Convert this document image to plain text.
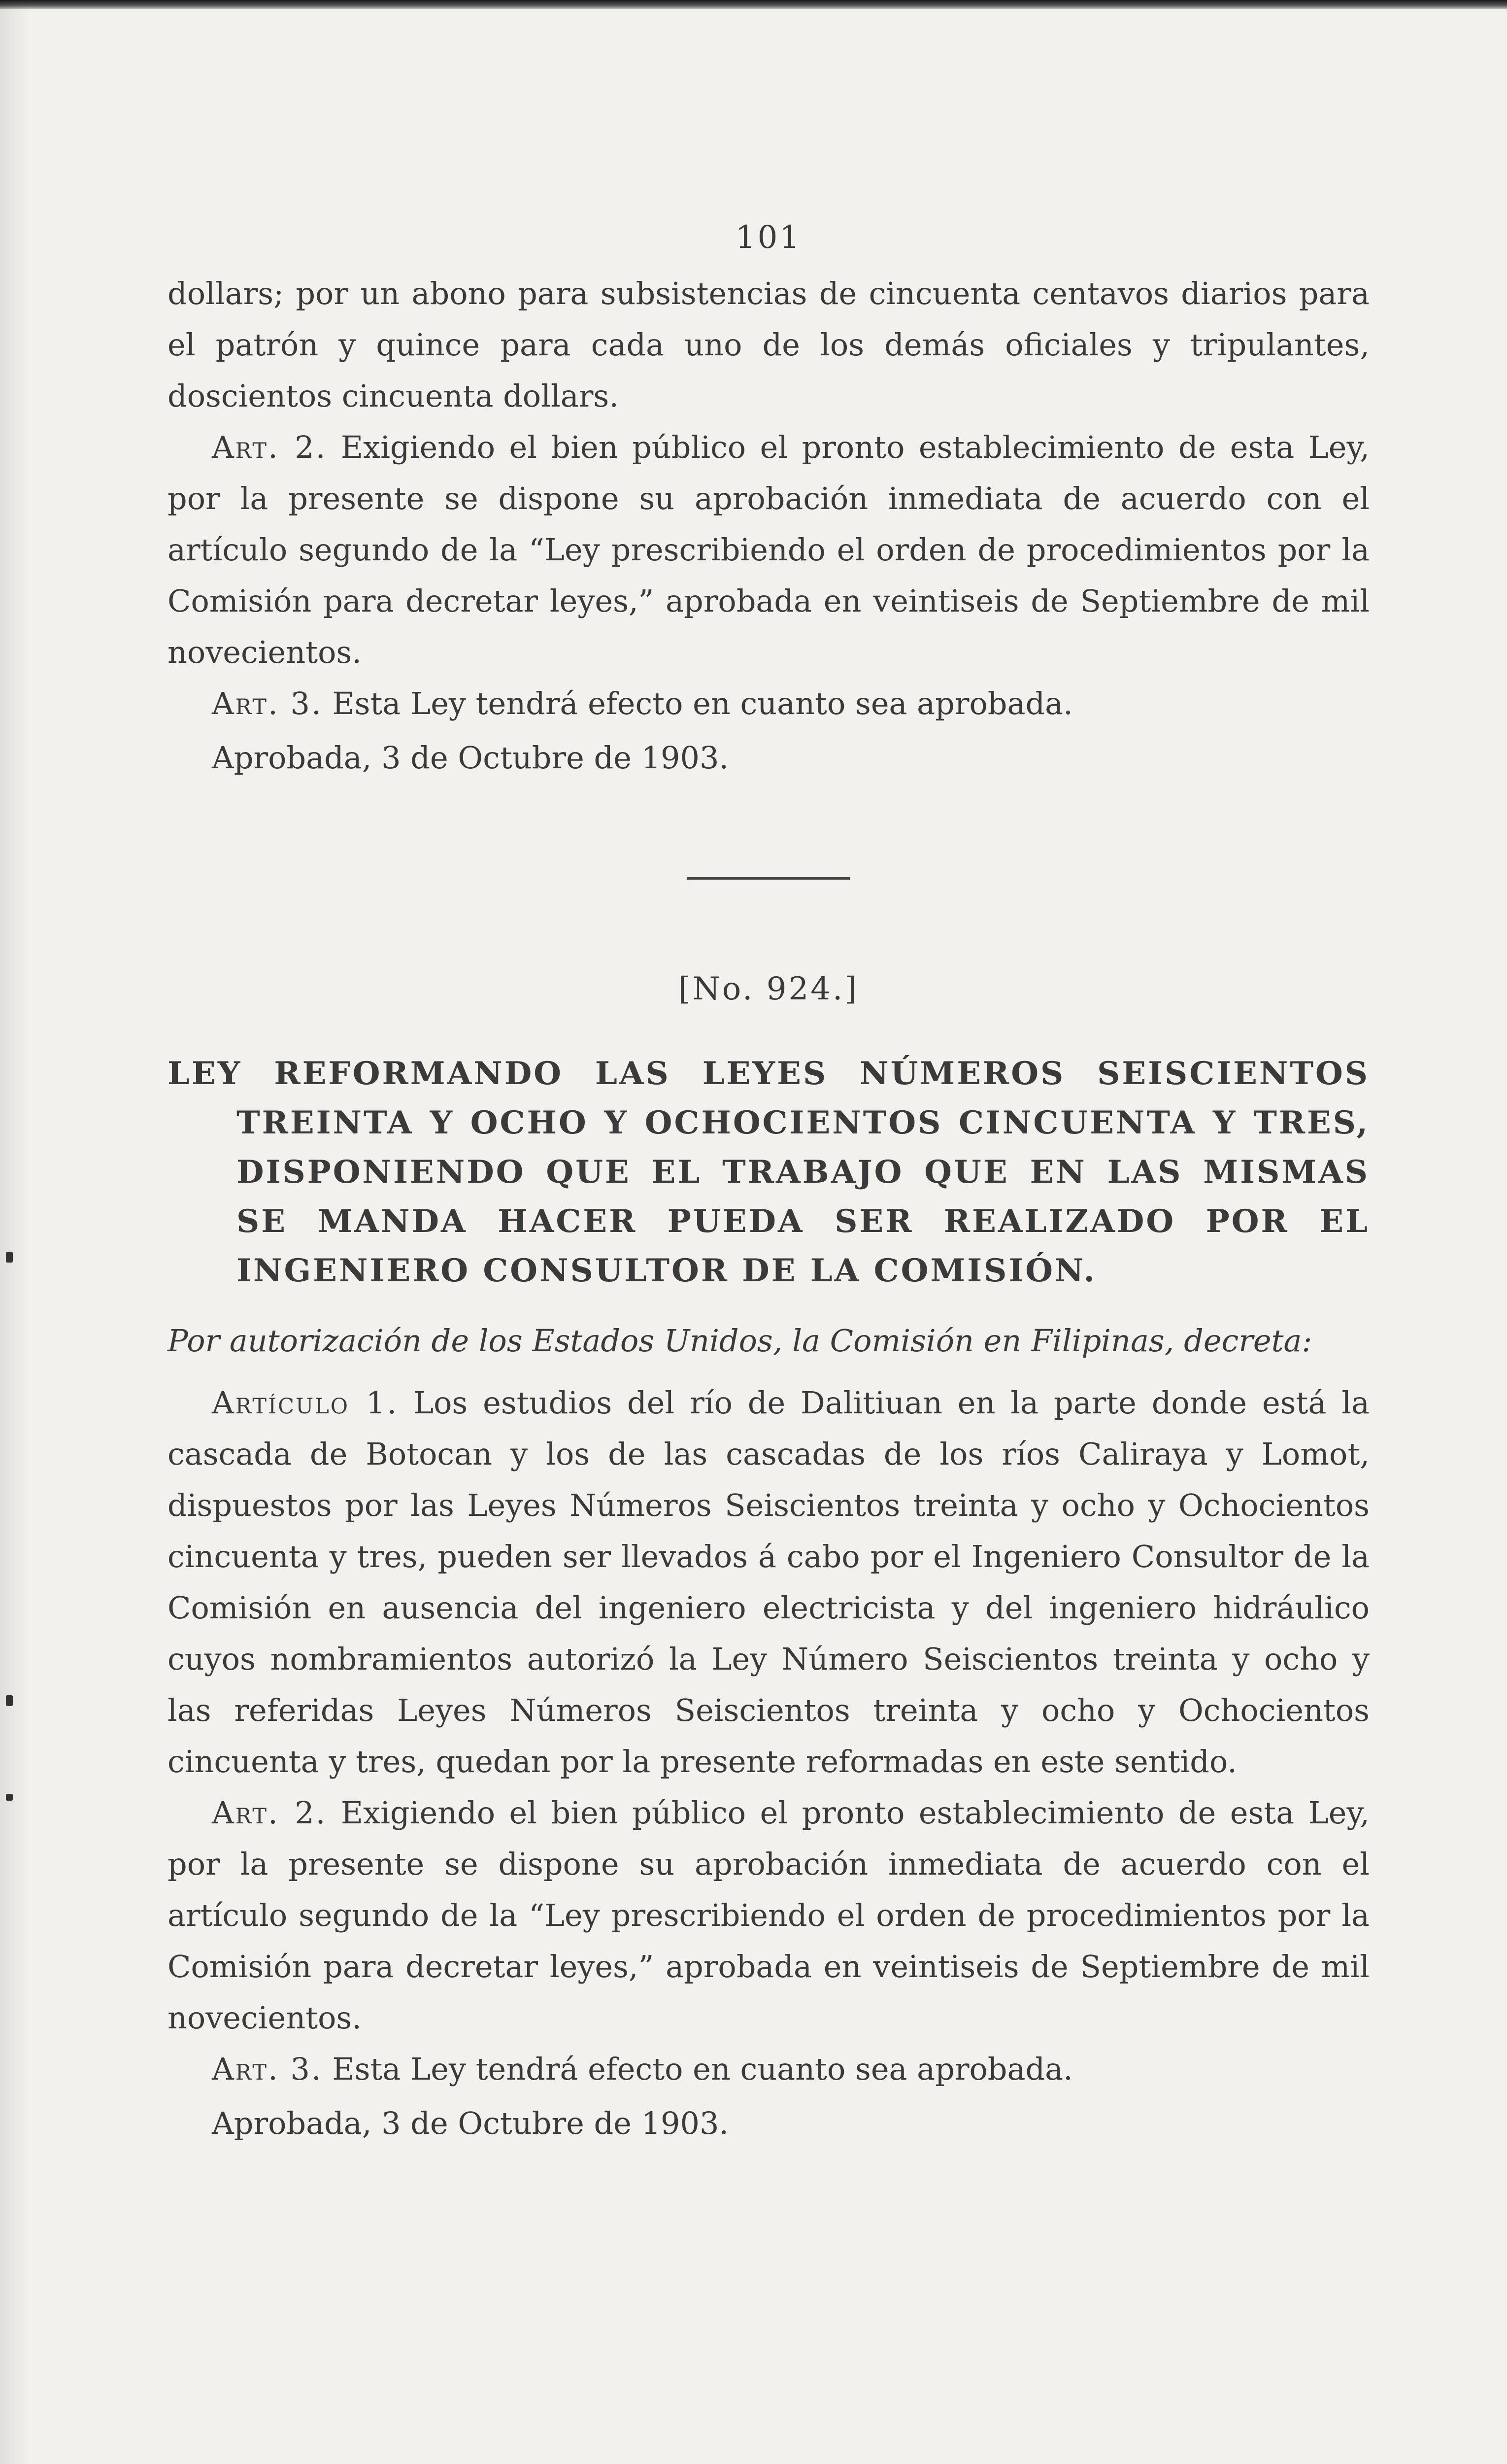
101

dollars; por un abono para subsistencias de cincuenta centavos diarios para el patrón y quince para cada uno de los demás oficiales y tripulantes, doscientos cincuenta dollars.

Art. 2. Exigiendo el bien público el pronto establecimiento de esta Ley, por la presente se dispone su aprobación inmediata de acuerdo con el artículo segundo de la “Ley prescribiendo el orden de procedimientos por la Comisión para decretar leyes,” aprobada en veintiseis de Septiembre de mil novecientos.

Art. 3. Esta Ley tendrá efecto en cuanto sea aprobada.

Aprobada, 3 de Octubre de 1903.

[No. 924.]

LEY REFORMANDO LAS LEYES NÚMEROS SEISCIENTOS TREINTA Y OCHO Y OCHOCIENTOS CINCUENTA Y TRES, DISPONIENDO QUE EL TRABAJO QUE EN LAS MISMAS SE MANDA HACER PUEDA SER REALIZADO POR EL INGENIERO CONSULTOR DE LA COMISIÓN.

Por autorización de los Estados Unidos, la Comisión en Filipinas, decreta:

Artículo 1. Los estudios del río de Dalitiuan en la parte donde está la cascada de Botocan y los de las cascadas de los ríos Caliraya y Lomot, dispuestos por las Leyes Números Seiscientos treinta y ocho y Ochocientos cincuenta y tres, pueden ser llevados á cabo por el Ingeniero Consultor de la Comisión en ausencia del ingeniero electricista y del ingeniero hidráulico cuyos nombramientos autorizó la Ley Número Seiscientos treinta y ocho y las referidas Leyes Números Seiscientos treinta y ocho y Ochocientos cincuenta y tres, quedan por la presente reformadas en este sentido.

Art. 2. Exigiendo el bien público el pronto establecimiento de esta Ley, por la presente se dispone su aprobación inmediata de acuerdo con el artículo segundo de la “Ley prescribiendo el orden de procedimientos por la Comisión para decretar leyes,” aprobada en veintiseis de Septiembre de mil novecientos.

Art. 3. Esta Ley tendrá efecto en cuanto sea aprobada.

Aprobada, 3 de Octubre de 1903.
